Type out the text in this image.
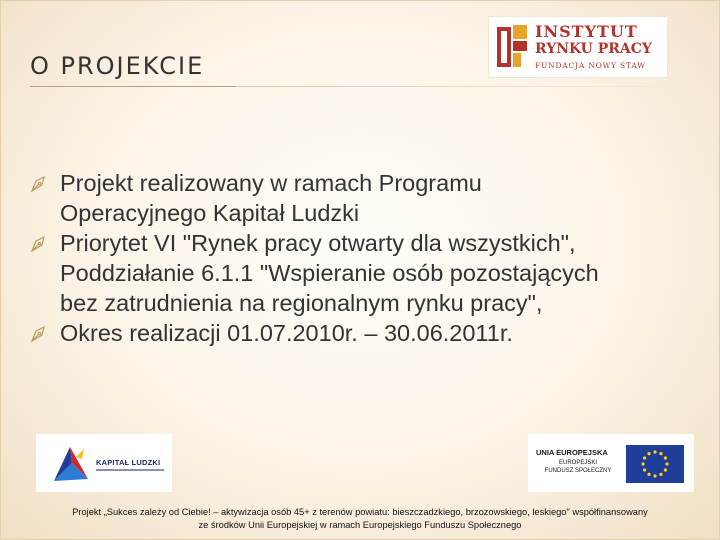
O PROJEKCIE
INSTYTUT
RYNKU PRACY
FUNDACJA NOWY STAW
Projekt realizowany w ramach Programu
Operacyjnego Kapitał Ludzki
Priorytet VI "Rynek pracy otwarty dla wszystkich",
Poddziałanie 6.1.1 "Wspieranie osób pozostających
bez zatrudnienia na regionalnym rynku pracy",
Okres realizacji 01.07.2010r. – 30.06.2011r.
KAPITAŁ LUDZKI
UNIA EUROPEJSKA
EUROPEJSKI
FUNDUSZ SPOŁECZNY
Projekt „Sukces zależy od Ciebie! – aktywizacja osób 45+ z terenów powiatu: bieszczadzkiego, brzozowskiego, leskiego" współfinansowany
ze środków Unii Europejskiej w ramach Europejskiego Funduszu Społecznego
